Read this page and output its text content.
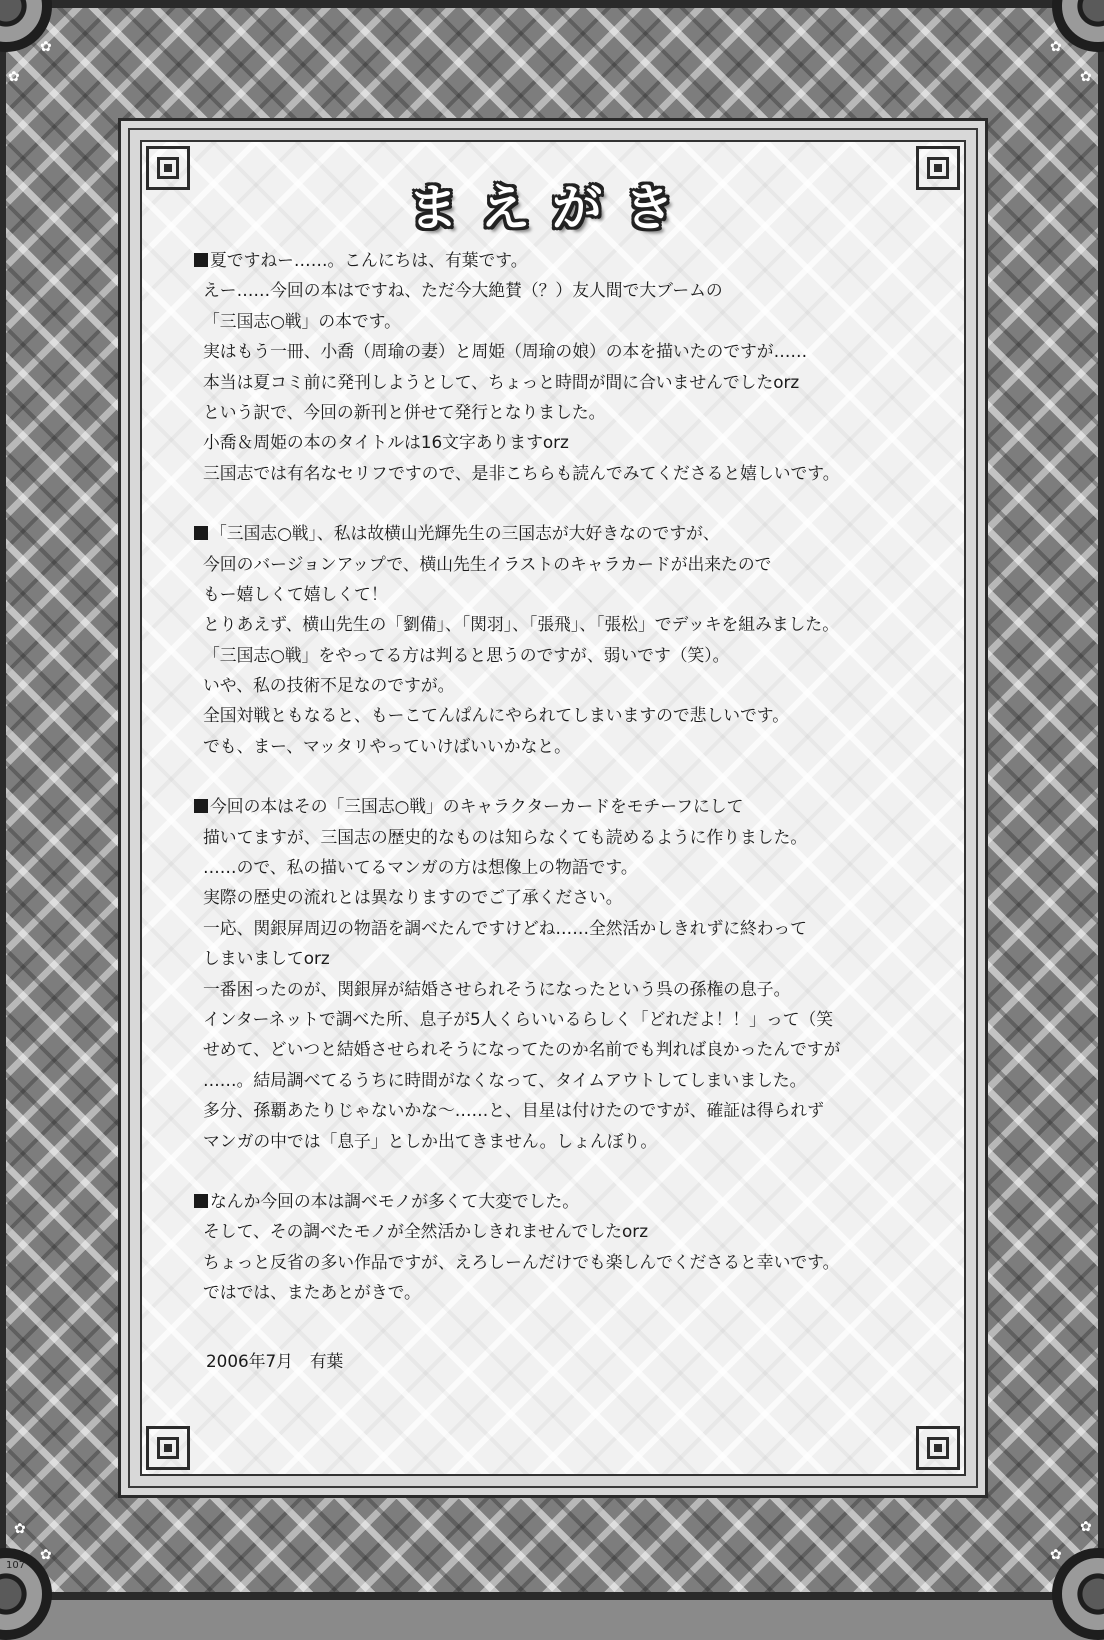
✿
✿
✿
✿
✿
✿
✿
✿
まえがき
夏ですねー……。こんにちは、有葉です。
えー……今回の本はですね、ただ今大絶賛（？）友人間で大ブームの
「三国志○戦」の本です。
実はもう一冊、小喬（周瑜の妻）と周姫（周瑜の娘）の本を描いたのですが……
本当は夏コミ前に発刊しようとして、ちょっと時間が間に合いませんでしたorz
という訳で、今回の新刊と併せて発行となりました。
小喬＆周姫の本のタイトルは16文字ありますorz
三国志では有名なセリフですので、是非こちらも読んでみてくださると嬉しいです。
「三国志○戦」、私は故横山光輝先生の三国志が大好きなのですが、
今回のバージョンアップで、横山先生イラストのキャラカードが出来たので
もー嬉しくて嬉しくて！
とりあえず、横山先生の「劉備」、「関羽」、「張飛」、「張松」でデッキを組みました。
「三国志○戦」をやってる方は判ると思うのですが、弱いです（笑）。
いや、私の技術不足なのですが。
全国対戦ともなると、もーこてんぱんにやられてしまいますので悲しいです。
でも、まー、マッタリやっていけばいいかなと。
今回の本はその「三国志○戦」のキャラクターカードをモチーフにして
描いてますが、三国志の歴史的なものは知らなくても読めるように作りました。
……ので、私の描いてるマンガの方は想像上の物語です。
実際の歴史の流れとは異なりますのでご了承ください。
一応、関銀屏周辺の物語を調べたんですけどね……全然活かしきれずに終わって
しまいましてorz
一番困ったのが、関銀屏が結婚させられそうになったという呉の孫権の息子。
インターネットで調べた所、息子が5人くらいいるらしく「どれだよ！！」って（笑
せめて、どいつと結婚させられそうになってたのか名前でも判れば良かったんですが
……。結局調べてるうちに時間がなくなって、タイムアウトしてしまいました。
多分、孫覇あたりじゃないかな～……と、目星は付けたのですが、確証は得られず
マンガの中では「息子」としか出てきません。しょんぼり。
なんか今回の本は調べモノが多くて大変でした。
そして、その調べたモノが全然活かしきれませんでしたorz
ちょっと反省の多い作品ですが、えろしーんだけでも楽しんでくださると幸いです。
ではでは、またあとがきで。
2006年7月　有葉
107
